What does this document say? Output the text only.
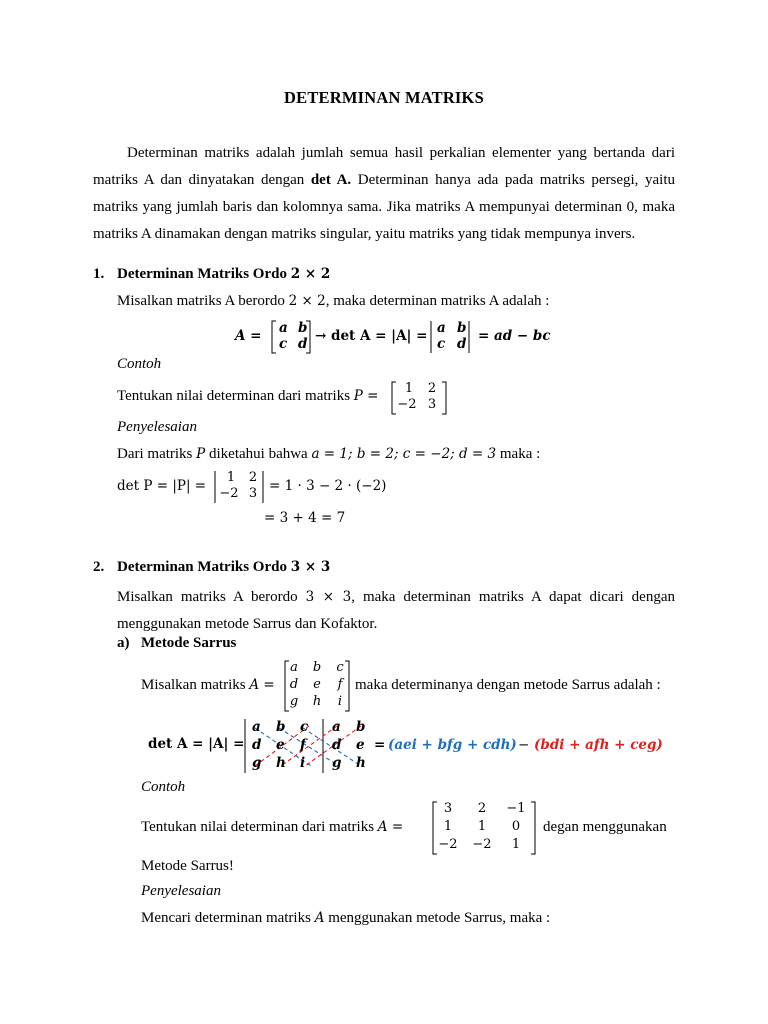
DETERMINAN MATRIKS
Determinan matriks adalah jumlah semua hasil perkalian elementer yang bertanda dari matriks A dan dinyatakan dengan det A. Determinan hanya ada pada matriks persegi, yaitu matriks yang jumlah baris dan kolomnya sama. Jika matriks A mempunyai determinan 0, maka matriks A dinamakan dengan matriks singular, yaitu matriks yang tidak mempunya invers.
1. Determinan Matriks Ordo 2 × 2
Misalkan matriks A berordo 2 × 2, maka determinan matriks A adalah :
A = a b
c d → det A = |A| = a b
c d = ad − bc
Contoh
Tentukan nilai determinan dari matriks P =	1	2
−2 3
Penyelesaian
Dari matriks P diketahui bahwa a = 1; b = 2; c = −2; d = 3 maka :
det P = |P| =
1	2
−2 3 = 1 · 3 − 2 · (−2)
= 3 + 4 = 7
2. Determinan Matriks Ordo 3 × 3
Misalkan matriks A berordo 3 × 3, maka determinan matriks A dapat dicari dengan menggunakan metode Sarrus dan Kofaktor.
a) Metode Sarrus
Misalkan matriks A =
a	b	c
d	e	f
g h	i
maka determinanya dengan metode Sarrus adalah :
det A = |A| =
a b c
d e f
g h i
a b
d e
g h
= (aei + bfg + cdh) − (bdi + afh + ceg)
Contoh
Tentukan nilai determinan dari matriks A =
3	2	−1
1	1	0
−2 −2	1
degan menggunakan
Metode Sarrus!
Penyelesaian
Mencari determinan matriks A menggunakan metode Sarrus, maka :
